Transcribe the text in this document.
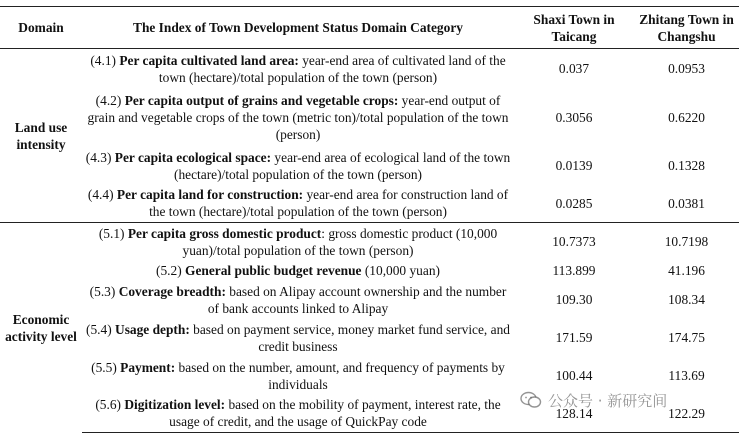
Domain	The Index of Town Development Status Domain Category	Shaxi Town in Taicang	Zhitang Town in Changshu
Land use intensity	(4.1) Per capita cultivated land area: year-end area of cultivated land of the town (hectare)/total population of the town (person)	0.037	0.0953
	(4.2) Per capita output of grains and vegetable crops: year-end output of grain and vegetable crops of the town (metric ton)/total population of the town (person)	0.3056	0.6220
	(4.3) Per capita ecological space: year-end area of ecological land of the town (hectare)/total population of the town (person)	0.0139	0.1328
	(4.4) Per capita land for construction: year-end area for construction land of the town (hectare)/total population of the town (person)	0.0285	0.0381
Economic activity level	(5.1) Per capita gross domestic product: gross domestic product (10,000 yuan)/total population of the town (person)	10.7373	10.7198
	(5.2) General public budget revenue (10,000 yuan)	113.899	41.196
	(5.3) Coverage breadth: based on Alipay account ownership and the number of bank accounts linked to Alipay	109.30	108.34
	(5.4) Usage depth: based on payment service, money market fund service, and credit business	171.59	174.75
	(5.5) Payment: based on the number, amount, and frequency of payments by individuals	100.44	113.69
	(5.6) Digitization level: based on the mobility of payment, interest rate, the usage of credit, and the usage of QuickPay code	128.14	122.29
公众号 · 新研究间
